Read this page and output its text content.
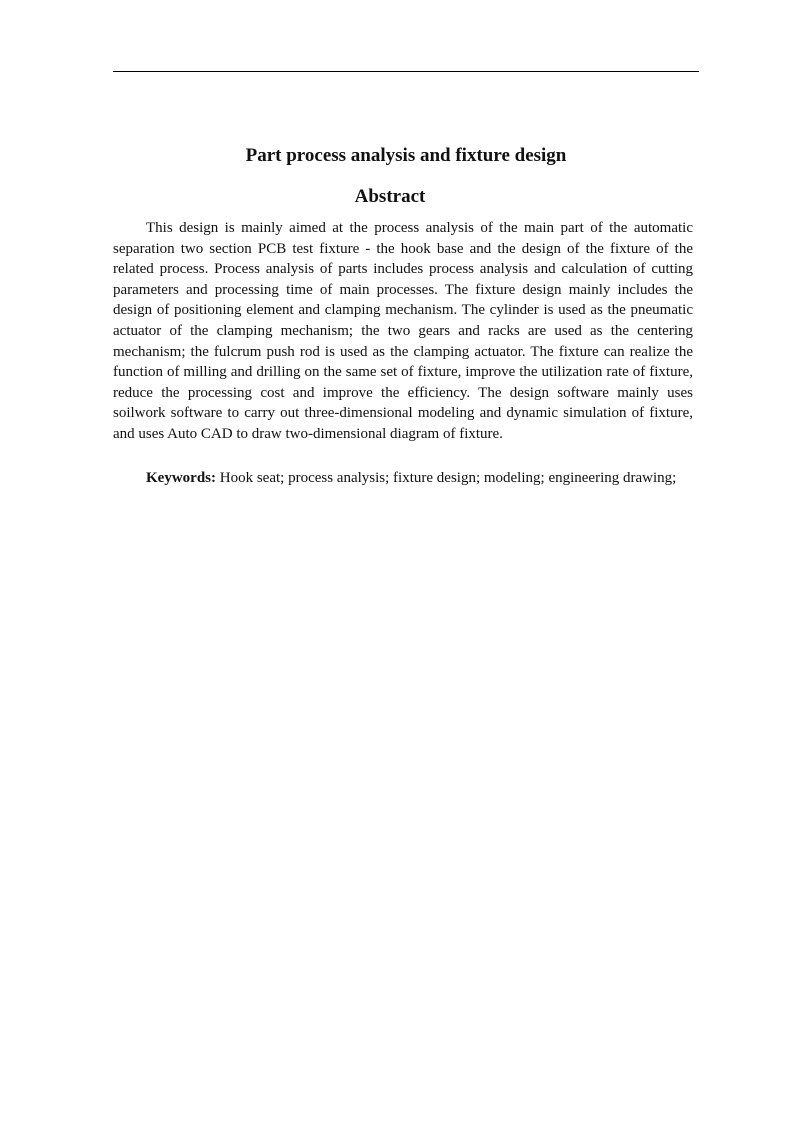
Part process analysis and fixture design
Abstract

This design is mainly aimed at the process analysis of the main part of the automatic separation two section PCB test fixture - the hook base and the design of the fixture of the related process. Process analysis of parts includes process analysis and calculation of cutting parameters and processing time of main processes. The fixture design mainly includes the design of positioning element and clamping mechanism. The cylinder is used as the pneumatic actuator of the clamping mechanism; the two gears and racks are used as the centering mechanism; the fulcrum push rod is used as the clamping actuator. The fixture can realize the function of milling and drilling on the same set of fixture, improve the utilization rate of fixture, reduce the processing cost and improve the efficiency. The design software mainly uses soilwork software to carry out three-dimensional modeling and dynamic simulation of fixture, and uses Auto CAD to draw two-dimensional diagram of fixture.

Keywords: Hook seat; process analysis; fixture design; modeling; engineering drawing;
